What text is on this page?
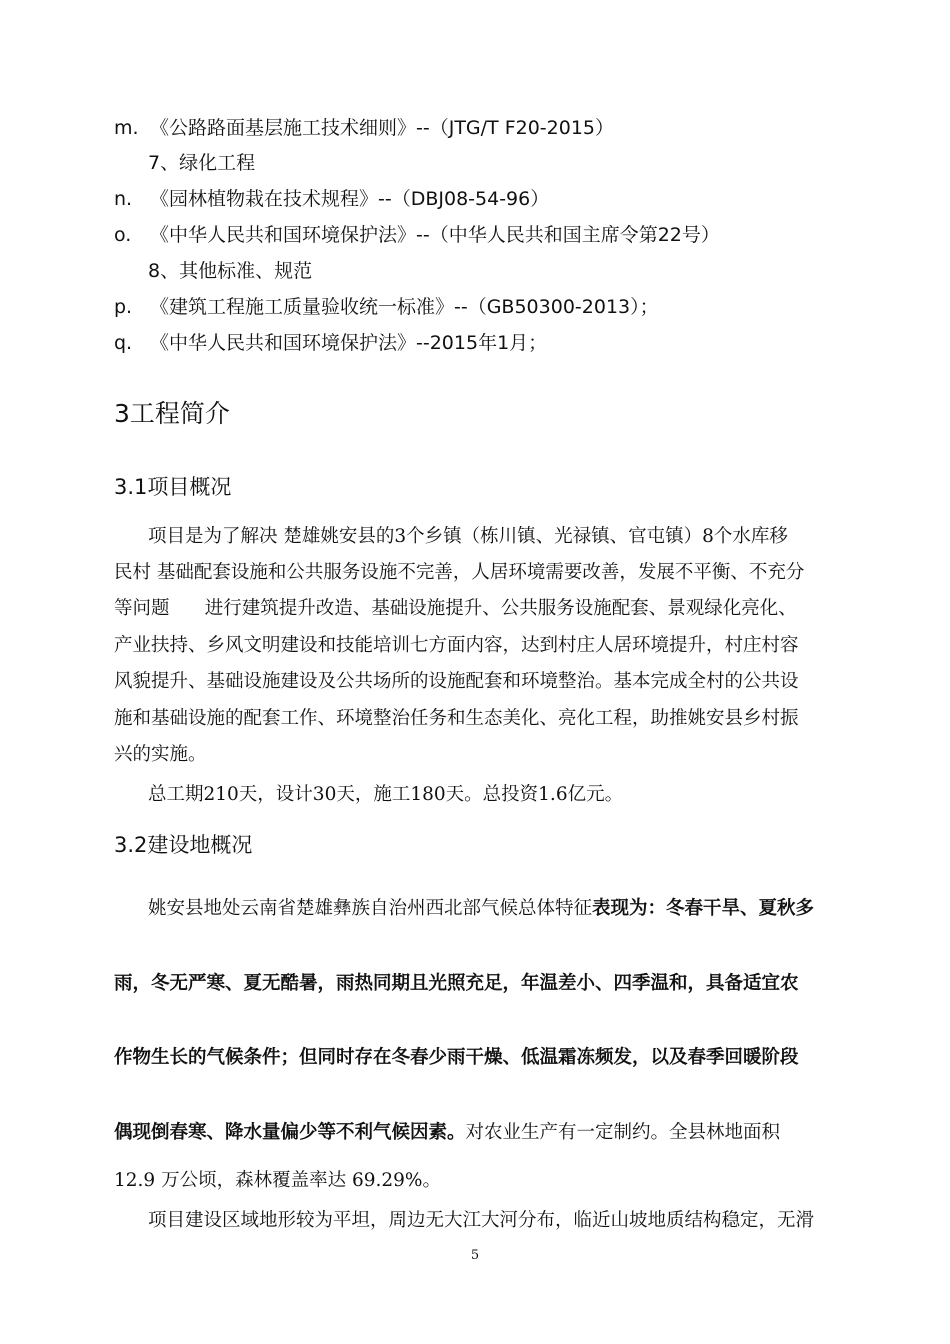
m. 《公路路面基层施工技术细则》--（JTG/T F20-2015）
7、绿化工程
n. 《园林植物栽在技术规程》--（DBJ08-54-96）
o. 《中华人民共和国环境保护法》--（中华人民共和国主席令第22号）
8、其他标准、规范
p. 《建筑工程施工质量验收统一标准》--（GB50300-2013）；
q. 《中华人民共和国环境保护法》--2015年1月；
3工程简介
3.1项目概况
项目是为了解决 楚雄姚安县的3个乡镇（栋川镇、光禄镇、官屯镇）8个水库移
民村 基础配套设施和公共服务设施不完善，人居环境需要改善，发展不平衡、不充分
等问题      进行建筑提升改造、基础设施提升、公共服务设施配套、景观绿化亮化、
产业扶持、乡风文明建设和技能培训七方面内容，达到村庄人居环境提升，村庄村容
风貌提升、基础设施建设及公共场所的设施配套和环境整治。基本完成全村的公共设
施和基础设施的配套工作、环境整治任务和生态美化、亮化工程，助推姚安县乡村振
兴的实施。
总工期210天，设计30天，施工180天。总投资1.6亿元。
3.2建设地概况
姚安县地处云南省楚雄彝族自治州西北部气候总体特征表现为：冬春干旱、夏秋多
雨，冬无严寒、夏无酷暑，雨热同期且光照充足，年温差小、四季温和，具备适宜农
作物生长的气候条件；但同时存在冬春少雨干燥、低温霜冻频发，以及春季回暖阶段
偶现倒春寒、降水量偏少等不利气候因素。对农业生产有一定制约。全县林地面积
12.9 万公顷，森林覆盖率达 69.29%。
项目建设区域地形较为平坦，周边无大江大河分布，临近山坡地质结构稳定，无滑
5
